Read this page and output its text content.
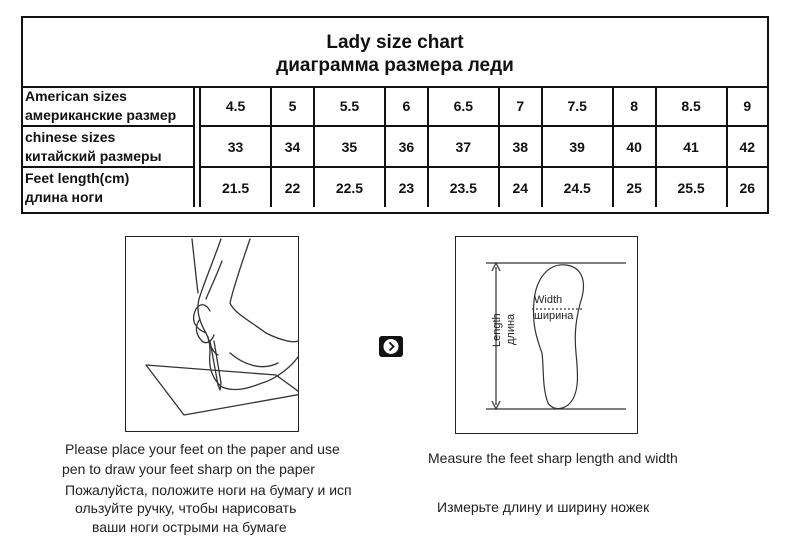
Lady size chart
диаграмма размера леди
American sizes
американские размер		4.5	5	5.5	6	6.5	7	7.5	8	8.5	9

chinese sizes
китайский размеры		33	34	35	36	37	38	39	40	41	42

Feet length(cm)
длина ноги		21.5	22	22.5	23	23.5	24	24.5	25	25.5	26
Width
ширина
Length длина
Please place your feet on the paper and use
pen to draw your feet sharp on the paper
Пожалуйста, положите ноги на бумагу и исп
ользуйте ручку, чтобы нарисовать
ваши ноги острыми на бумаге
Measure the feet sharp length and width
Измерьте длину и ширину ножек
